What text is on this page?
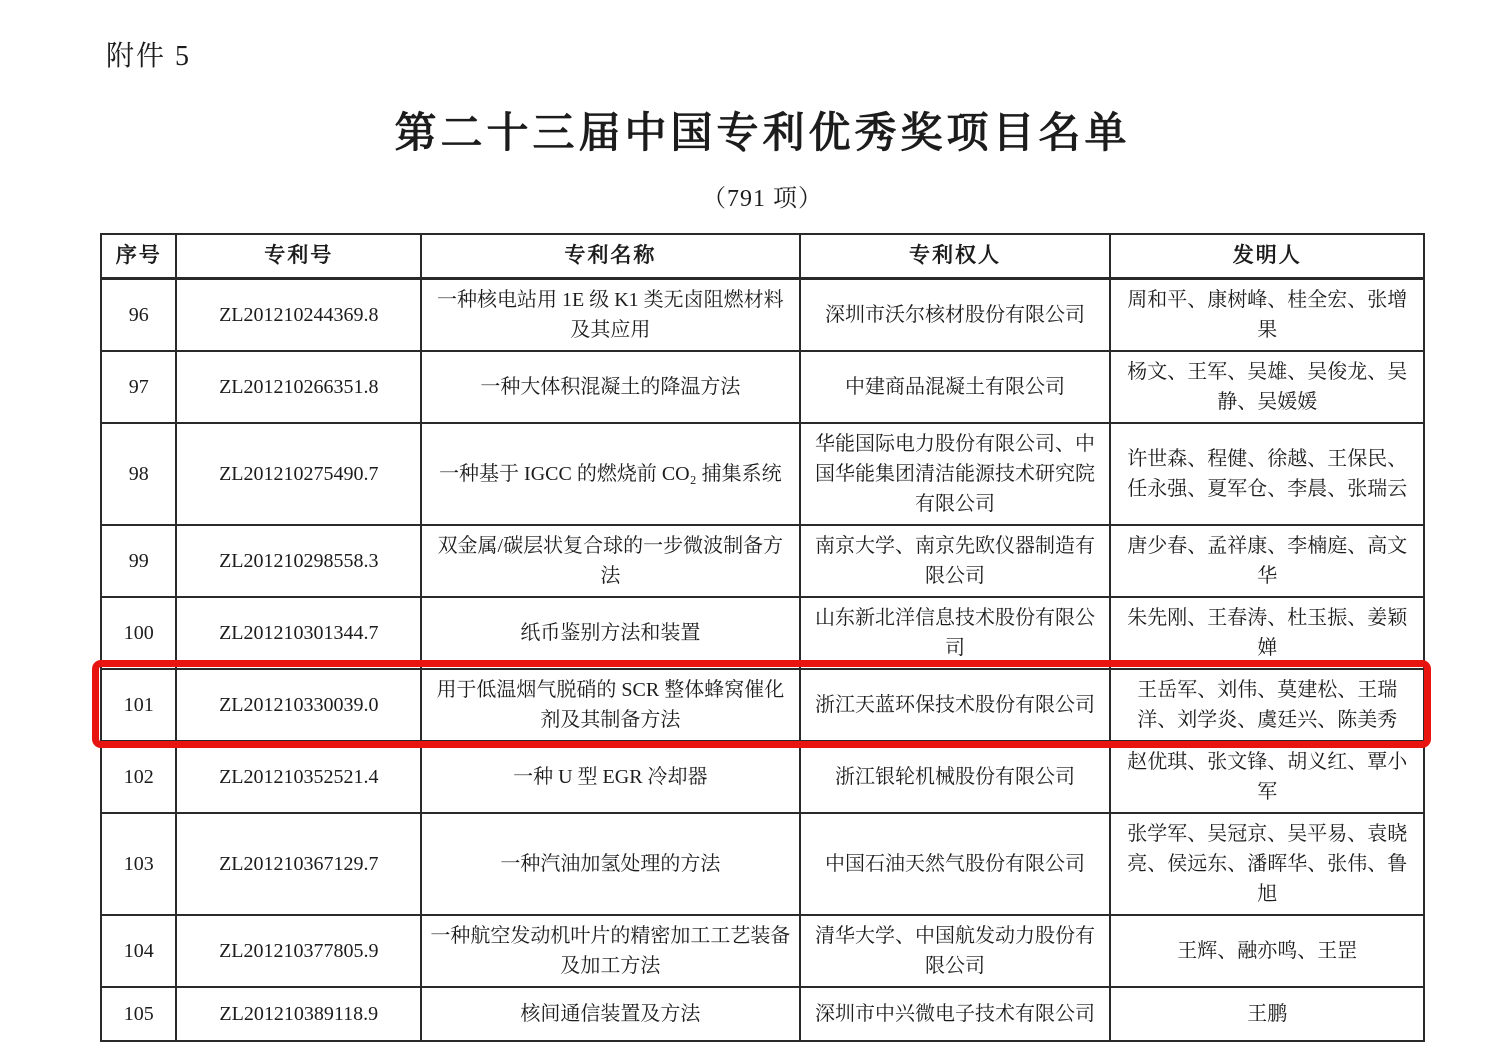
附件 5
第二十三届中国专利优秀奖项目名单
（791 项）
序号	专利号	专利名称	专利权人	发明人
96	ZL201210244369.8	一种核电站用 1E 级 K1 类无卤阻燃材料及其应用	深圳市沃尔核材股份有限公司	周和平、康树峰、桂全宏、张增果
97	ZL201210266351.8	一种大体积混凝土的降温方法	中建商品混凝土有限公司	杨文、王军、吴雄、吴俊龙、吴静、吴媛媛
98	ZL201210275490.7	一种基于 IGCC 的燃烧前 CO₂ 捕集系统	华能国际电力股份有限公司、中国华能集团清洁能源技术研究院有限公司	许世森、程健、徐越、王保民、任永强、夏军仓、李晨、张瑞云
99	ZL201210298558.3	双金属/碳层状复合球的一步微波制备方法	南京大学、南京先欧仪器制造有限公司	唐少春、孟祥康、李楠庭、高文华
100	ZL201210301344.7	纸币鉴别方法和装置	山东新北洋信息技术股份有限公司	朱先刚、王春涛、杜玉振、姜颖婵
101	ZL201210330039.0	用于低温烟气脱硝的 SCR 整体蜂窝催化剂及其制备方法	浙江天蓝环保技术股份有限公司	王岳军、刘伟、莫建松、王瑞洋、刘学炎、虞廷兴、陈美秀
102	ZL201210352521.4	一种 U 型 EGR 冷却器	浙江银轮机械股份有限公司	赵优琪、张文锋、胡义红、覃小军
103	ZL201210367129.7	一种汽油加氢处理的方法	中国石油天然气股份有限公司	张学军、吴冠京、吴平易、袁晓亮、侯远东、潘晖华、张伟、鲁旭
104	ZL201210377805.9	一种航空发动机叶片的精密加工工艺装备及加工方法	清华大学、中国航发动力股份有限公司	王辉、融亦鸣、王罡
105	ZL201210389118.9	核间通信装置及方法	深圳市中兴微电子技术有限公司	王鹏
